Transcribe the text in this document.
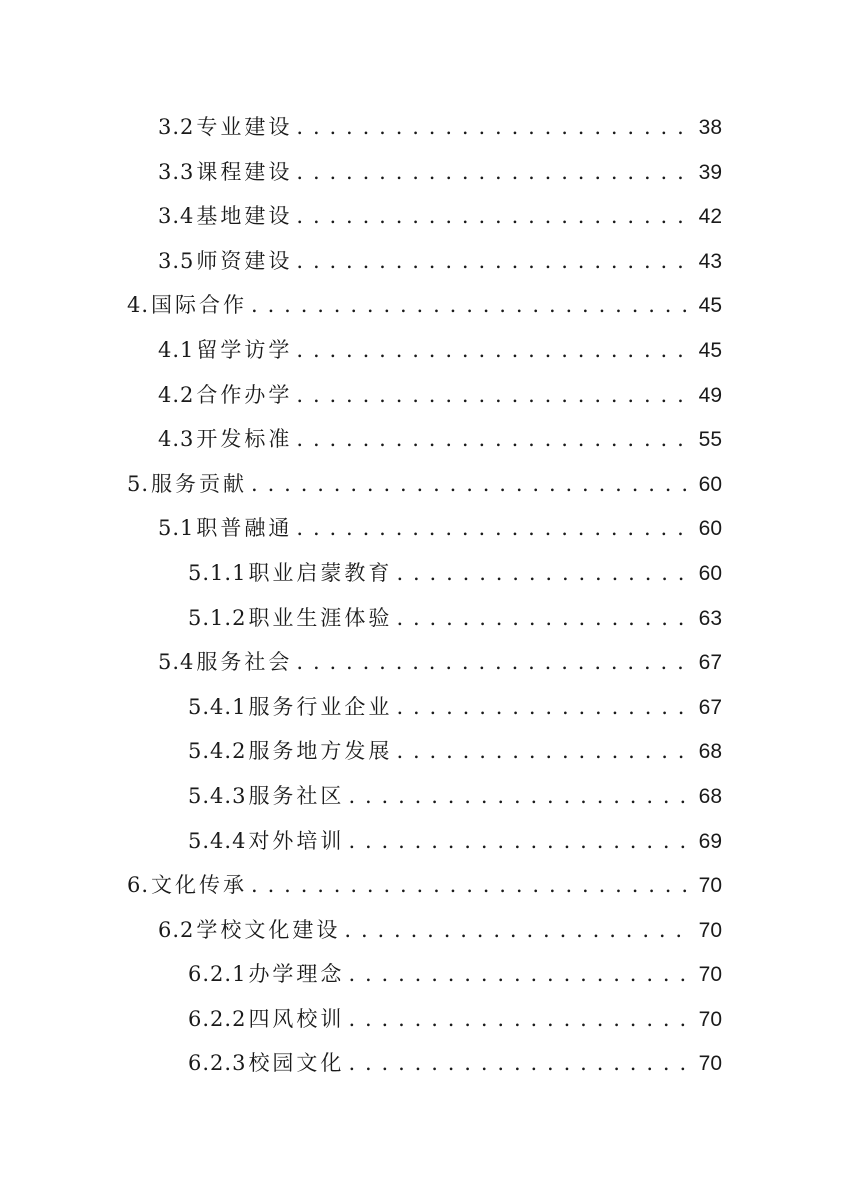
3.2 专业建设 . . .	38
3.3 课程建设 . . .	39
3.4 基地建设 . . .	42
3.5 师资建设 . . .	43
4. 国际合作 . . .	45
4.1 留学访学 . . .	45
4.2 合作办学 . . .	49
4.3 开发标准 . . .	55
5. 服务贡献 . . .	60
5.1 职普融通 . . .	60
5.1.1 职业启蒙教育 . . .	60
5.1.2 职业生涯体验 . . .	63
5.4 服务社会 . . .	67
5.4.1 服务行业企业 . . .	67
5.4.2 服务地方发展 . . .	68
5.4.3 服务社区 . . .	68
5.4.4 对外培训 . . .	69
6. 文化传承 . . .	70
6.2 学校文化建设 . . .	70
6.2.1 办学理念 . . .	70
6.2.2 四风校训 . . .	70
6.2.3 校园文化 . . .	70
